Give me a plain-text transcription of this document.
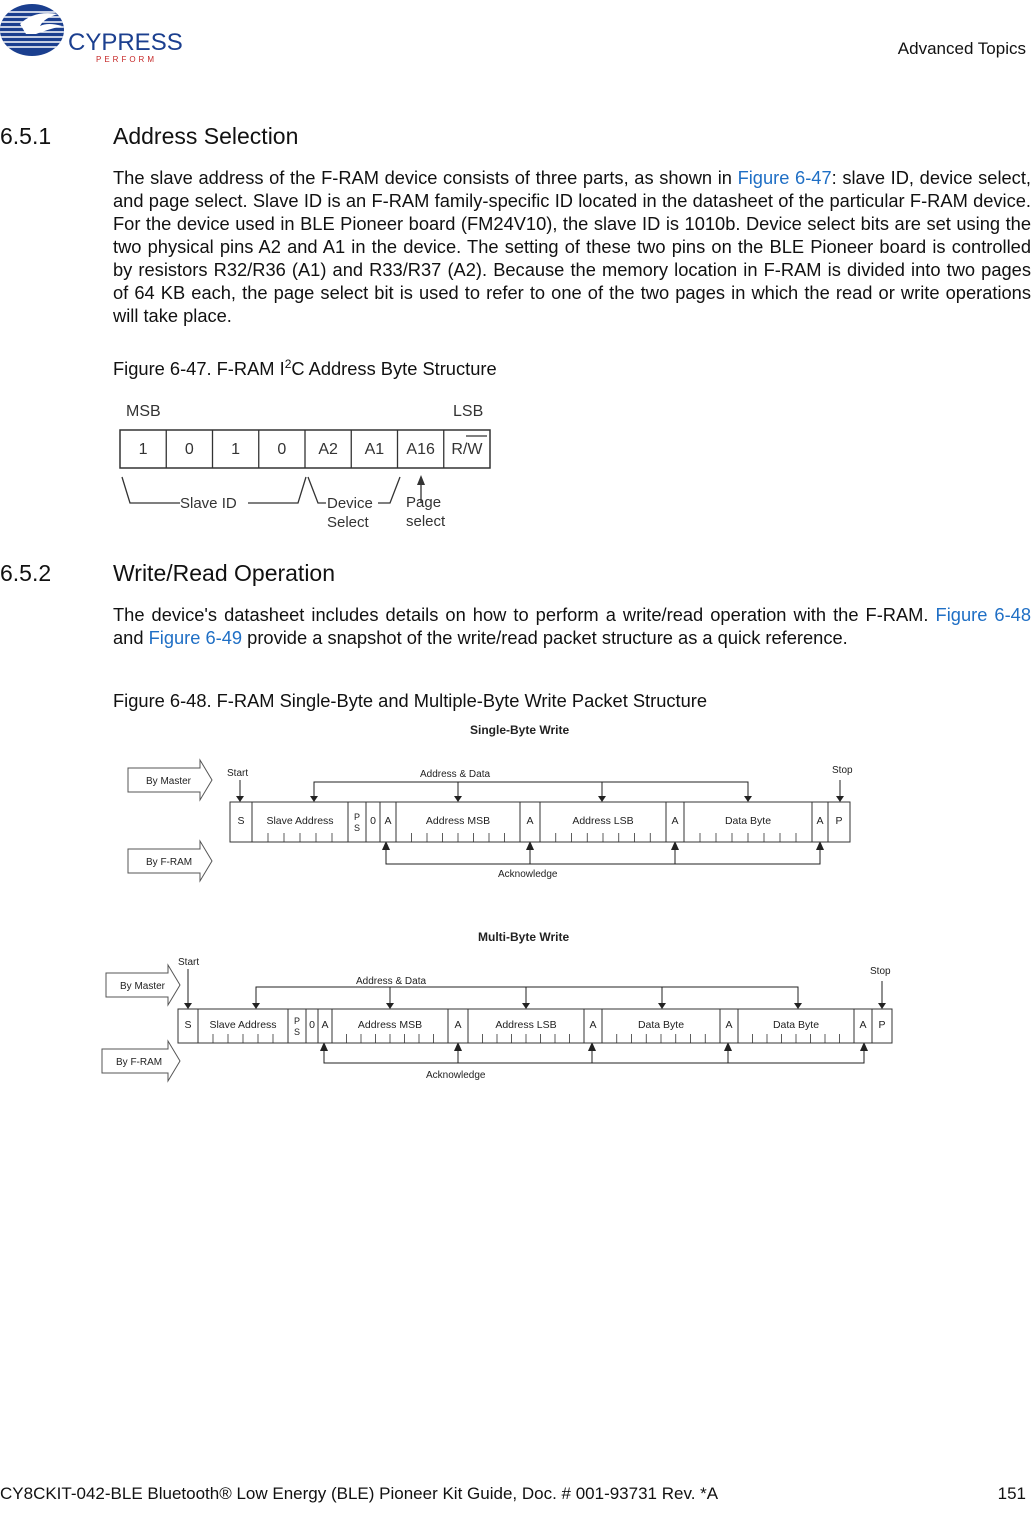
CYPRESS
PERFORM
Advanced Topics
6.5.1	Address Selection
The slave address of the F-RAM device consists of three parts, as shown in Figure 6-47: slave ID, device select, and page select. Slave ID is an F-RAM family-specific ID located in the datasheet of the particular F-RAM device. For the device used in BLE Pioneer board (FM24V10), the slave ID is 1010b. Device select bits are set using the two physical pins A2 and A1 in the device. The setting of these two pins on the BLE Pioneer board is controlled by resistors R32/R36 (A1) and R33/R37 (A2). Because the memory location in F-RAM is divided into two pages of 64 KB each, the page select bit is used to refer to one of the two pages in which the read or write operations will take place.
Figure 6-47. F-RAM $I^2C$ Address Byte Structure
MSB	LSB
1 0 1 0 A2 A1 A16 R/W
Slave ID	Device
Select
Page
select
6.5.2	Write/Read Operation
The device's datasheet includes details on how to perform a write/read operation with the F-RAM. Figure 6-48 and Figure 6-49 provide a snapshot of the write/read packet structure as a quick reference.
Figure 6-48. F-RAM Single-Byte and Multiple-Byte Write Packet Structure
Single-Byte Write
By Master
By F-RAM
Start	Stop
Address & Data
Acknowledge
S Slave Address P
S
0 A	Address MSB	A	Address LSB	A	Data Byte	A P
Multi-Byte Write
By Master
By F-RAM
Start
Stop
Address & Data
Acknowledge
S Slave Address P
S
0 A	Address MSB	A	Address LSB	A	Data Byte	A	Data Byte	A P
CY8CKIT-042-BLE Bluetooth® Low Energy (BLE) Pioneer Kit Guide, Doc. # 001-93731 Rev. *A	151
